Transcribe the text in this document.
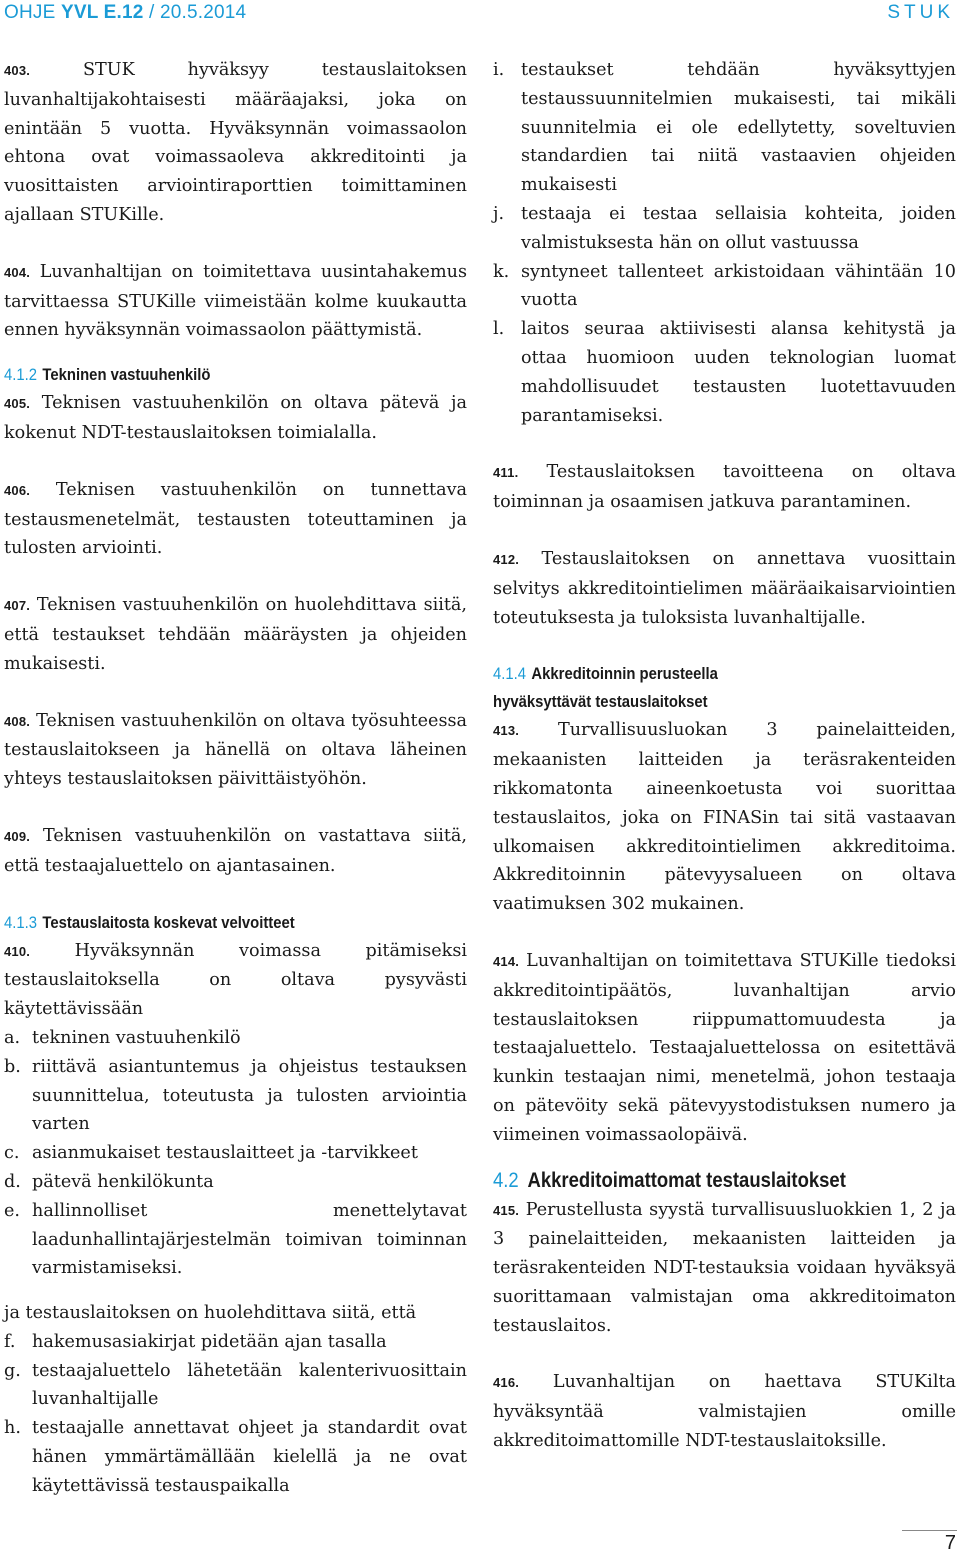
OHJE YVL E.12 / 20.5.2014	STUK

403.	STUK hyväksyy testauslaitoksen luvanhaltijakohtaisesti määräajaksi, joka on enintään 5 vuotta. Hyväksynnän voimassaolon ehtona ovat voimassaoleva akkreditointi ja vuosittaisten arviointiraporttien toimittaminen ajallaan STUKille.

404. Luvanhaltijan on toimitettava uusintahakemus tarvittaessa STUKille viimeistään kolme kuukautta ennen hyväksynnän voimassaolon päättymistä.

4.1.2 Tekninen vastuuhenkilö

405. Teknisen vastuuhenkilön on oltava pätevä ja kokenut NDT-testauslaitoksen toimialalla.

406. Teknisen vastuuhenkilön on tunnettava testausmenetelmät, testausten toteuttaminen ja tulosten arviointi.

407. Teknisen vastuuhenkilön on huolehdittava siitä, että testaukset tehdään määräysten ja ohjeiden mukaisesti.

408. Teknisen vastuuhenkilön on oltava työsuhteessa testauslaitokseen ja hänellä on oltava läheinen yhteys testauslaitoksen päivittäistyöhön.

409. Teknisen vastuuhenkilön on vastattava siitä, että testaajaluettelo on ajantasainen.

4.1.3 Testauslaitosta koskevat velvoitteet

410.	Hyväksynnän voimassa pitämiseksi testauslaitoksella on oltava pysyvästi käytettävissään

a. tekninen vastuuhenkilö
b. riittävä asiantuntemus ja ohjeistus testauksen suunnittelua, toteutusta ja tulosten arviointia varten
c. asianmukaiset testauslaitteet ja -tarvikkeet
d. pätevä henkilökunta
e. hallinnolliset menettelytavat laadunhallintajärjestelmän toimivan toiminnan varmistamiseksi.

ja testauslaitoksen on huolehdittava siitä, että

f. hakemusasiakirjat pidetään ajan tasalla
g. testaajaluettelo lähetetään kalenterivuosittain luvanhaltijalle
h. testaajalle annettavat ohjeet ja standardit ovat hänen ymmärtämällään kielellä ja ne ovat käytettävissä testauspaikalla
i. testaukset tehdään hyväksyttyjen testaussuunnitelmien mukaisesti, tai mikäli suunnitelmia ei ole edellytetty, soveltuvien standardien tai niitä vastaavien ohjeiden mukaisesti
j. testaaja ei testaa sellaisia kohteita, joiden valmistuksesta hän on ollut vastuussa
k. syntyneet tallenteet arkistoidaan vähintään 10 vuotta
l. laitos seuraa aktiivisesti alansa kehitystä ja ottaa huomioon uuden teknologian luomat mahdollisuudet testausten luotettavuuden parantamiseksi.

411. Testauslaitoksen tavoitteena on oltava toiminnan ja osaamisen jatkuva parantaminen.

412. Testauslaitoksen on annettava vuosittain selvitys akkreditointielimen määräaikaisarviointien toteutuksesta ja tuloksista luvanhaltijalle.

4.1.4 Akkreditoinnin perusteella

hyväksyttävät testauslaitokset

413. Turvallisuusluokan 3 painelaitteiden, mekaanisten laitteiden ja teräsrakenteiden rikkomatonta aineenkoetusta voi suorittaa testauslaitos, joka on FINASin tai sitä vastaavan ulkomaisen akkreditointielimen akkreditoima. Akkreditoinnin pätevyysalueen on oltava vaatimuksen 302 mukainen.

414. Luvanhaltijan on toimitettava STUKille tiedoksi akkreditointipäätös, luvanhaltijan arvio testauslaitoksen riippumattomuudesta ja testaajaluettelo. Testaajaluettelossa on esitettävä kunkin testaajan nimi, menetelmä, johon testaaja on pätevöity sekä pätevyystodistuksen numero ja viimeinen voimassaolopäivä.

4.2 Akkreditoimattomat testauslaitokset

415. Perustellusta syystä turvallisuusluokkien 1, 2 ja 3 painelaitteiden, mekaanisten laitteiden ja teräsrakenteiden NDT-testauksia voidaan hyväksyä suorittamaan valmistajan oma akkreditoimaton testauslaitos.

416. Luvanhaltijan on haettava STUKilta hyväksyntää valmistajien omille akkreditoimattomille NDT-testauslaitoksille.

7
